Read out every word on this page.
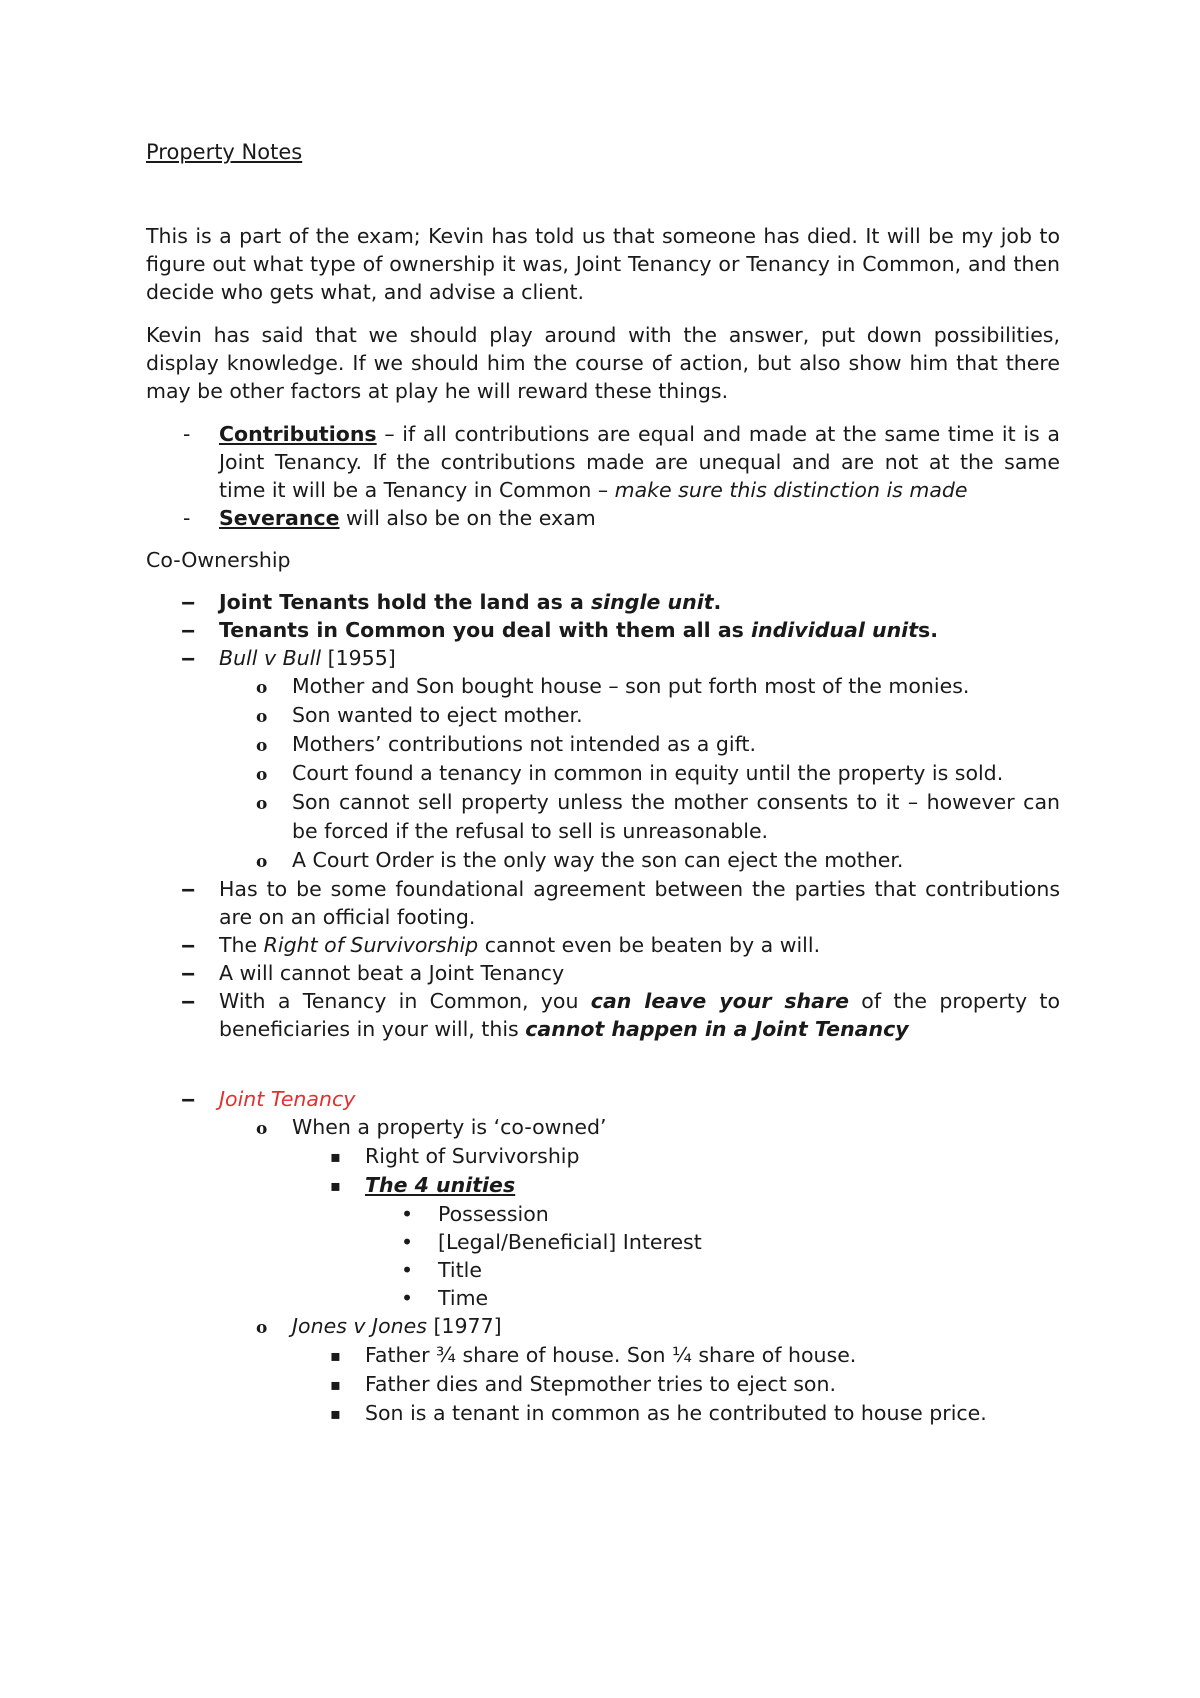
Property Notes

This is a part of the exam; Kevin has told us that someone has died. It will be my job to figure out what type of ownership it was, Joint Tenancy or Tenancy in Common, and then decide who gets what, and advise a client.

Kevin has said that we should play around with the answer, put down possibilities, display knowledge. If we should him the course of action, but also show him that there may be other factors at play he will reward these things.

- Contributions – if all contributions are equal and made at the same time it is a Joint Tenancy. If the contributions made are unequal and are not at the same time it will be a Tenancy in Common – make sure this distinction is made
- Severance will also be on the exam
Co-Ownership
‒ Joint Tenants hold the land as a single unit.
‒ Tenants in Common you deal with them all as individual units.
‒ Bull v Bull [1955]
o Mother and Son bought house – son put forth most of the monies.
o Son wanted to eject mother.
o Mothers’ contributions not intended as a gift.
o Court found a tenancy in common in equity until the property is sold.
o Son cannot sell property unless the mother consents to it – however can be forced if the refusal to sell is unreasonable.
o A Court Order is the only way the son can eject the mother.
‒ Has to be some foundational agreement between the parties that contributions are on an official footing.
‒ The Right of Survivorship cannot even be beaten by a will.
‒ A will cannot beat a Joint Tenancy
‒ With a Tenancy in Common, you can leave your share of the property to beneficiaries in your will, this cannot happen in a Joint Tenancy
‒ Joint Tenancy
o When a property is ‘co-owned’
▪ Right of Survivorship
▪ The 4 unities
• Possession
• [Legal/Beneficial] Interest
• Title
• Time
o Jones v Jones [1977]
▪ Father ¾ share of house. Son ¼ share of house.
▪ Father dies and Stepmother tries to eject son.
▪ Son is a tenant in common as he contributed to house price.
